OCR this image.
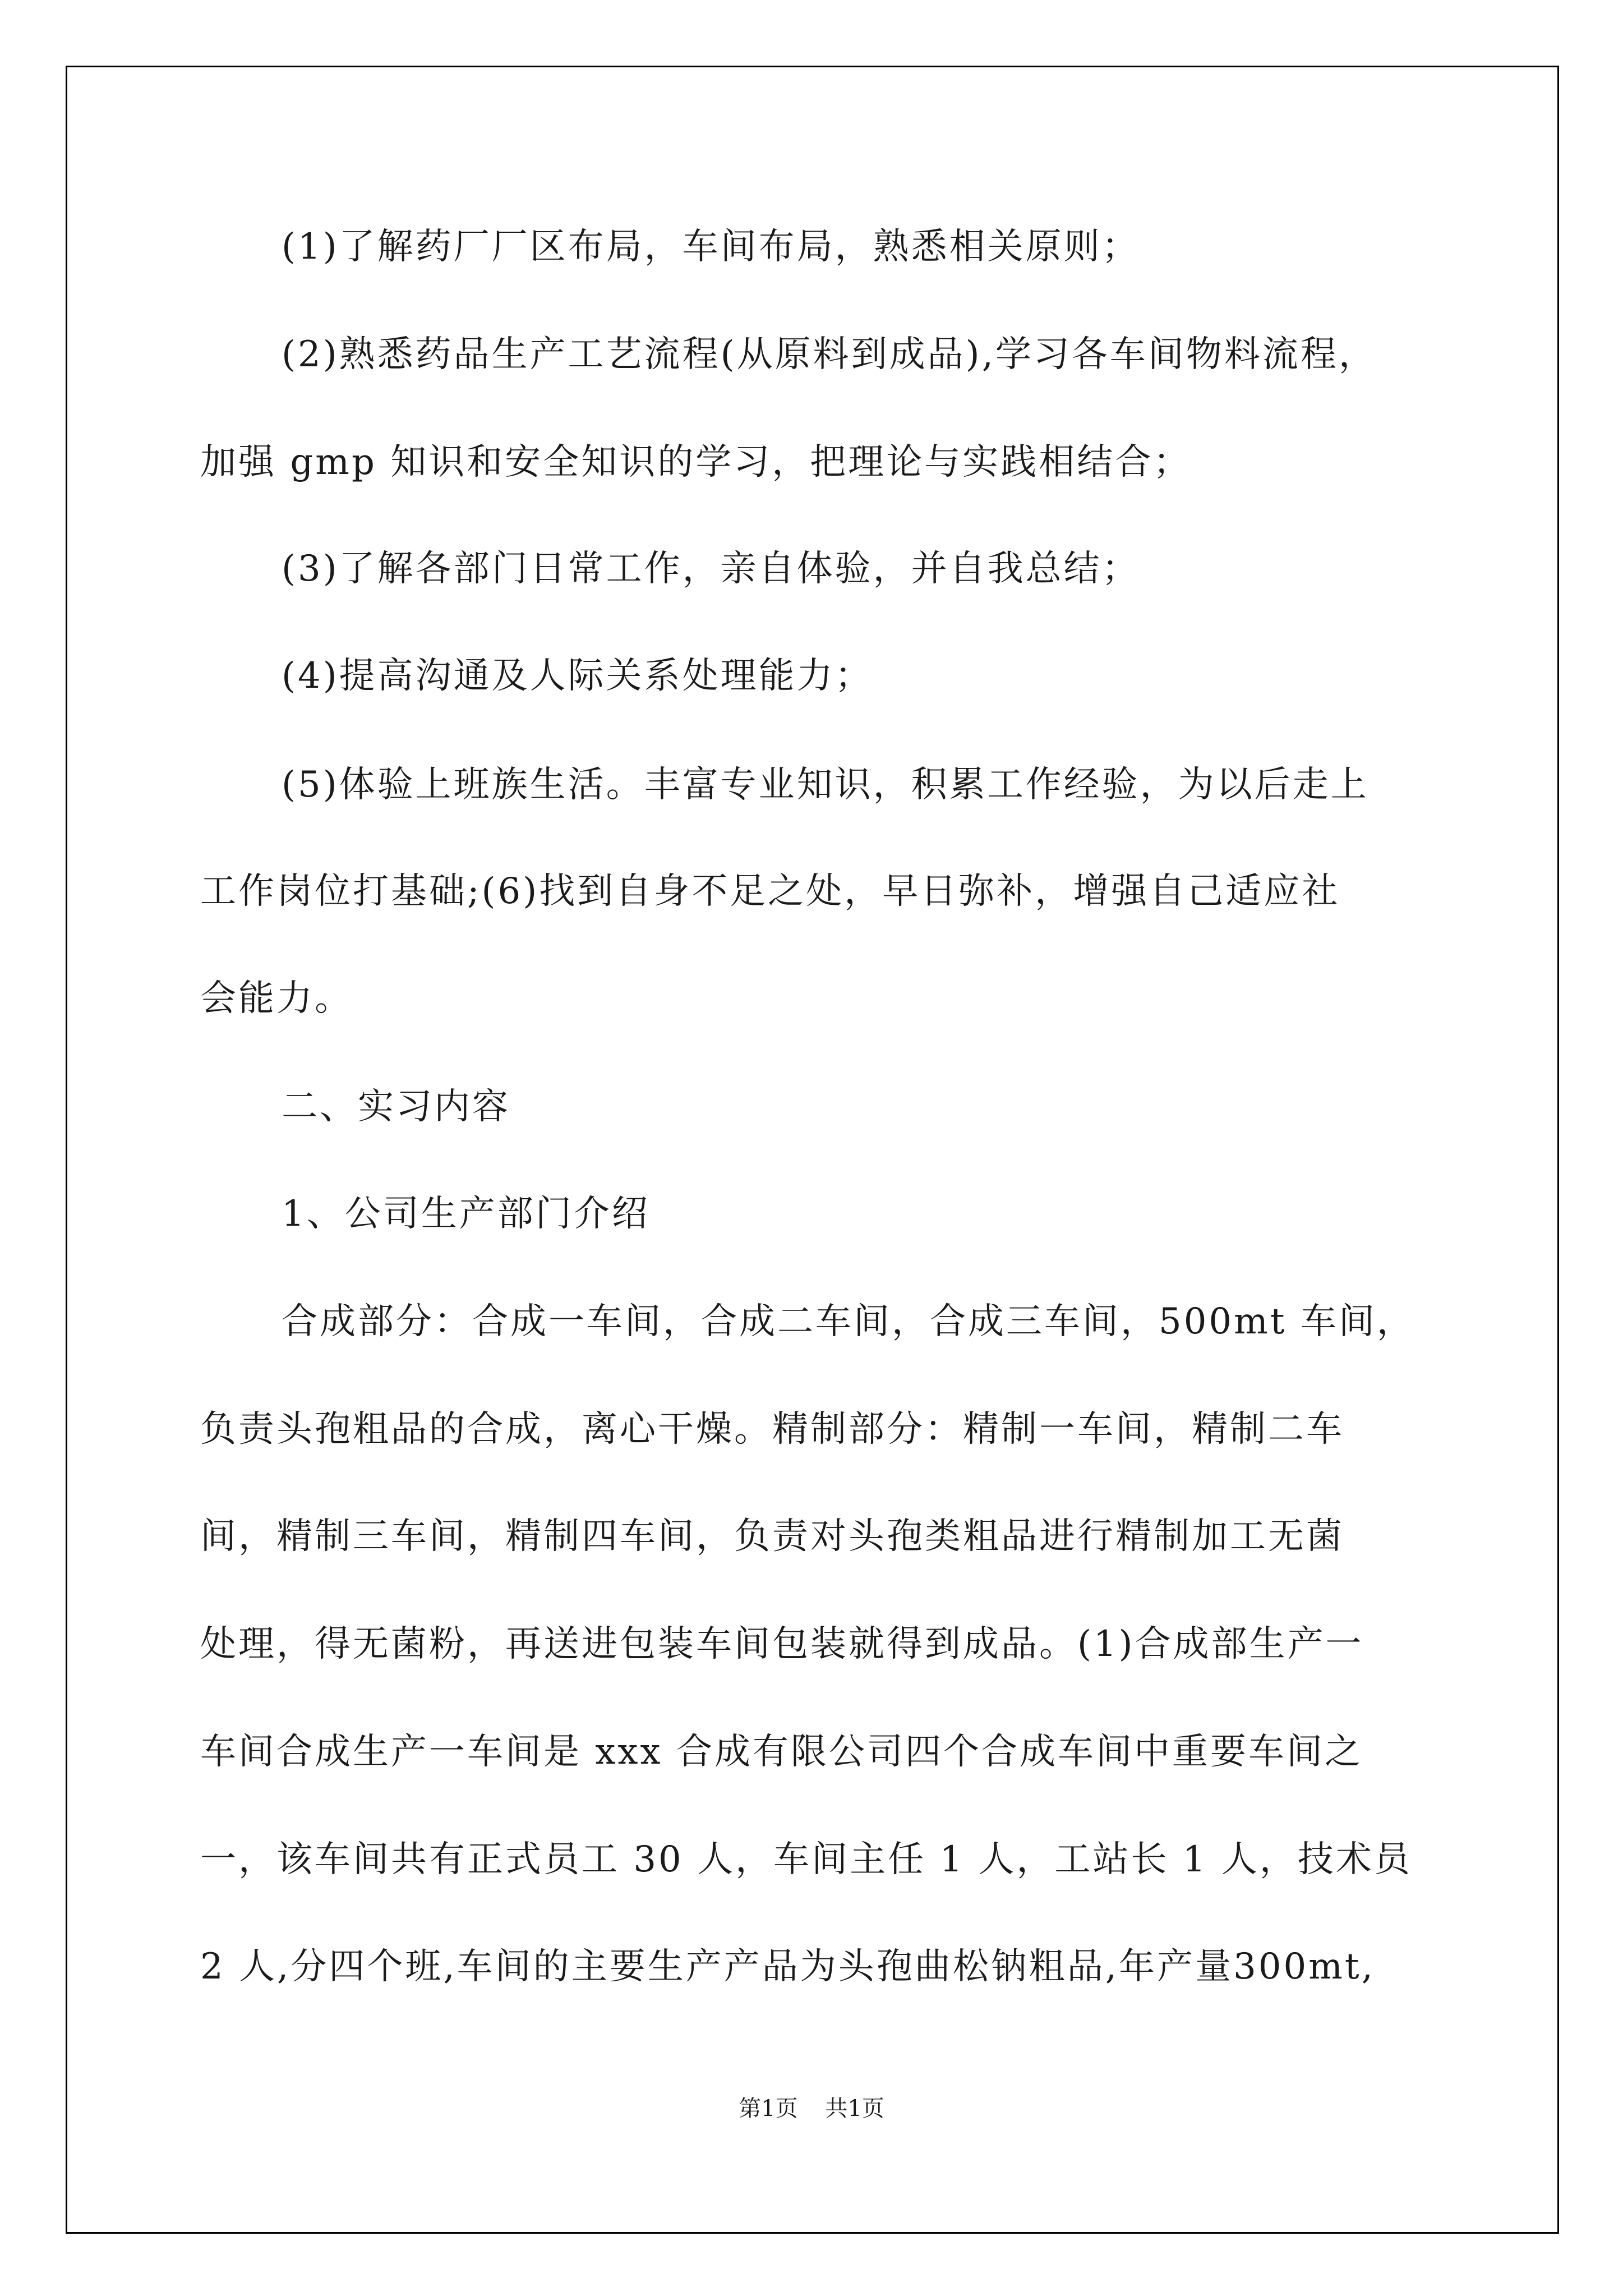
(1)了解药厂厂区布局，车间布局，熟悉相关原则；
(2)熟悉药品生产工艺流程(从原料到成品),学习各车间物料流程，
加强 gmp 知识和安全知识的学习，把理论与实践相结合；
(3)了解各部门日常工作，亲自体验，并自我总结；
(4)提高沟通及人际关系处理能力；
(5)体验上班族生活。丰富专业知识，积累工作经验，为以后走上
工作岗位打基础;(6)找到自身不足之处，早日弥补，增强自己适应社
会能力。
二、实习内容
1、公司生产部门介绍
合成部分：合成一车间，合成二车间，合成三车间，500mt 车间，
负责头孢粗品的合成，离心干燥。精制部分：精制一车间，精制二车
间，精制三车间，精制四车间，负责对头孢类粗品进行精制加工无菌
处理，得无菌粉，再送进包装车间包装就得到成品。(1)合成部生产一
车间合成生产一车间是 xxx 合成有限公司四个合成车间中重要车间之
一，该车间共有正式员工 30 人，车间主任 1 人，工站长 1 人，技术员
2 人,分四个班,车间的主要生产产品为头孢曲松钠粗品,年产量300mt,
第1页 共1页
